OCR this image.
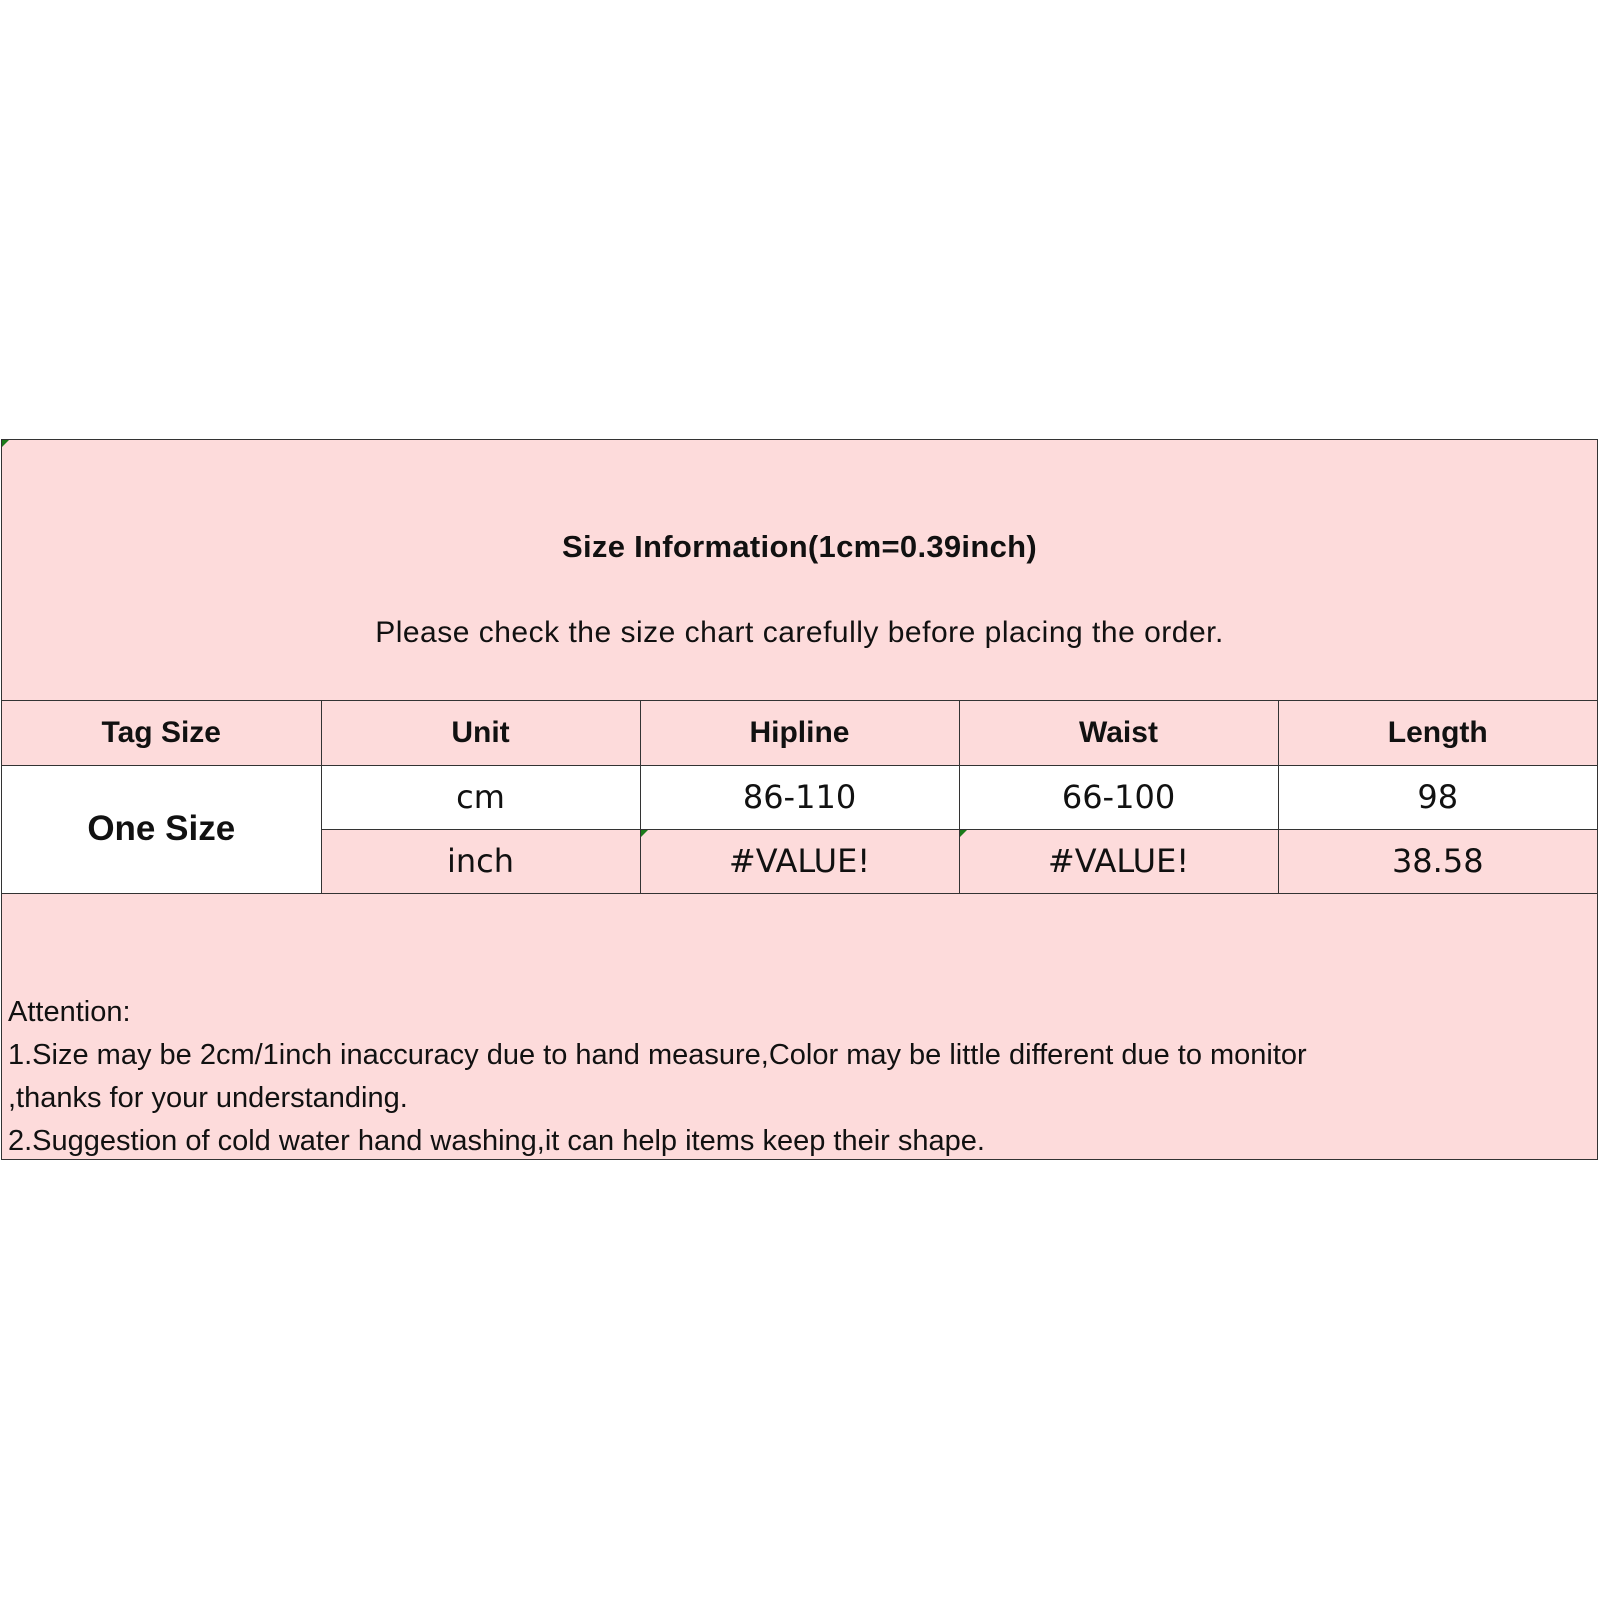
Size Information(1cm=0.39inch)
Please check the size chart carefully before placing the order.
Tag Size	Unit	Hipline	Waist	Length
One Size	cm	86-110	66-100	98
	inch	#VALUE!	#VALUE!	38.58
Attention:
1.Size may be 2cm/1inch inaccuracy due to hand measure,Color may be little different due to monitor
,thanks for your understanding.
2.Suggestion of cold water hand washing,it can help items keep their shape.
